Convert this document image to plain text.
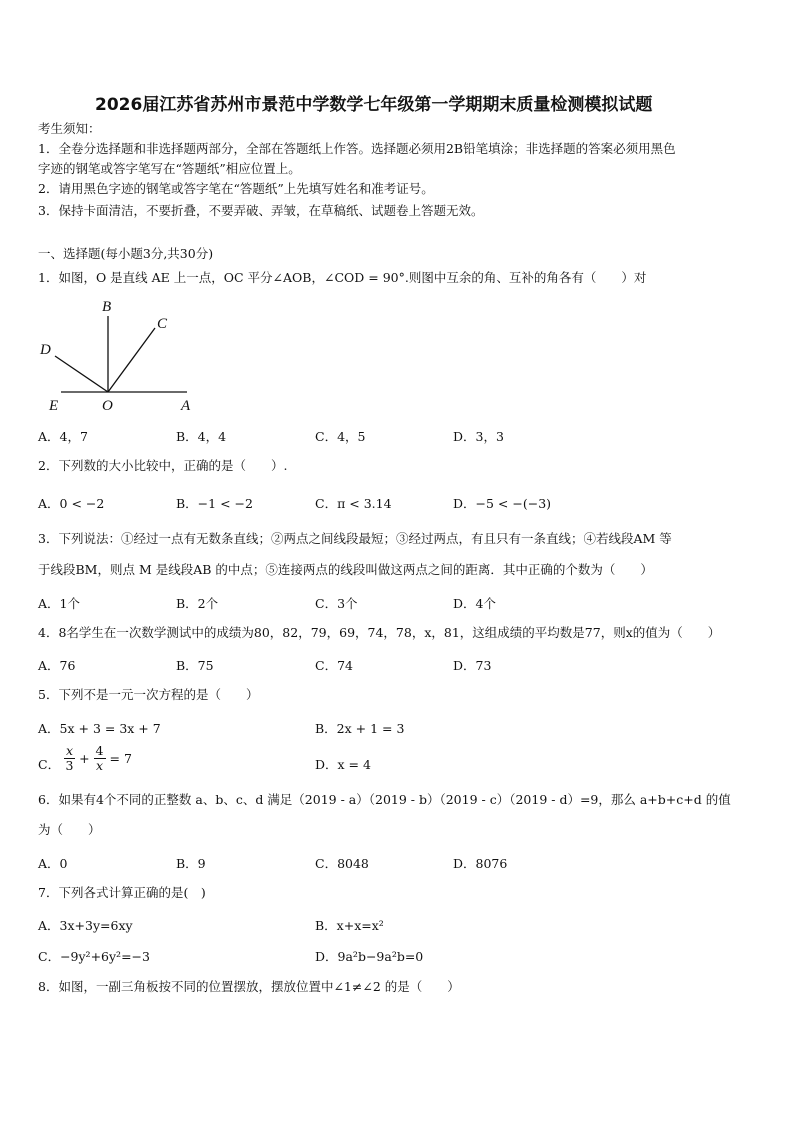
2026届江苏省苏州市景范中学数学七年级第一学期期末质量检测模拟试题
考生须知：
1．全卷分选择题和非选择题两部分，全部在答题纸上作答。选择题必须用2B铅笔填涂；非选择题的答案必须用黑色
字迹的钢笔或答字笔写在“答题纸”相应位置上。
2．请用黑色字迹的钢笔或答字笔在“答题纸”上先填写姓名和准考证号。
3．保持卡面清洁，不要折叠，不要弄破、弄皱，在草稿纸、试题卷上答题无效。
一、选择题(每小题3分,共30分)
1．如图，O 是直线 AE 上一点，OC 平分∠AOB，∠COD = 90°.则图中互余的角、互补的角各有（　　）对
B
C
D
E	O	A
A．4，7	B．4，4	C．4，5	D．3，3
2．下列数的大小比较中，正确的是（　　）.
A．0 < −2	B．−1 < −2	C．π < 3.14	D．−5 < −(−3)
3．下列说法：①经过一点有无数条直线；②两点之间线段最短；③经过两点，有且只有一条直线；④若线段AM 等
于线段BM，则点 M 是线段AB 的中点；⑤连接两点的线段叫做这两点之间的距离．其中正确的个数为（　　）
A．1个	B．2个	C．3个	D．4个
4．8名学生在一次数学测试中的成绩为80，82，79，69，74，78，x，81，这组成绩的平均数是77，则x的值为（　　）
A．76	B．75	C．74	D．73
5．下列不是一元一次方程的是（　　）
A．5x + 3 = 3x + 7	B．2x + 1 = 3
C． $\frac{x}{3} + \frac{4}{x} = 7$	D．x = 4
6．如果有4个不同的正整数 a、b、c、d 满足（2019 - a）（2019 - b）（2019 - c）（2019 - d）=9，那么 a+b+c+d 的值
为（　　）
A．0	B．9	C．8048	D．8076
7．下列各式计算正确的是(　)
A．3x+3y=6xy	B．x+x=x²
C．−9y²+6y²=−3	D．9a²b−9a²b=0
8．如图，一副三角板按不同的位置摆放，摆放位置中∠1≠∠2 的是（　　）
